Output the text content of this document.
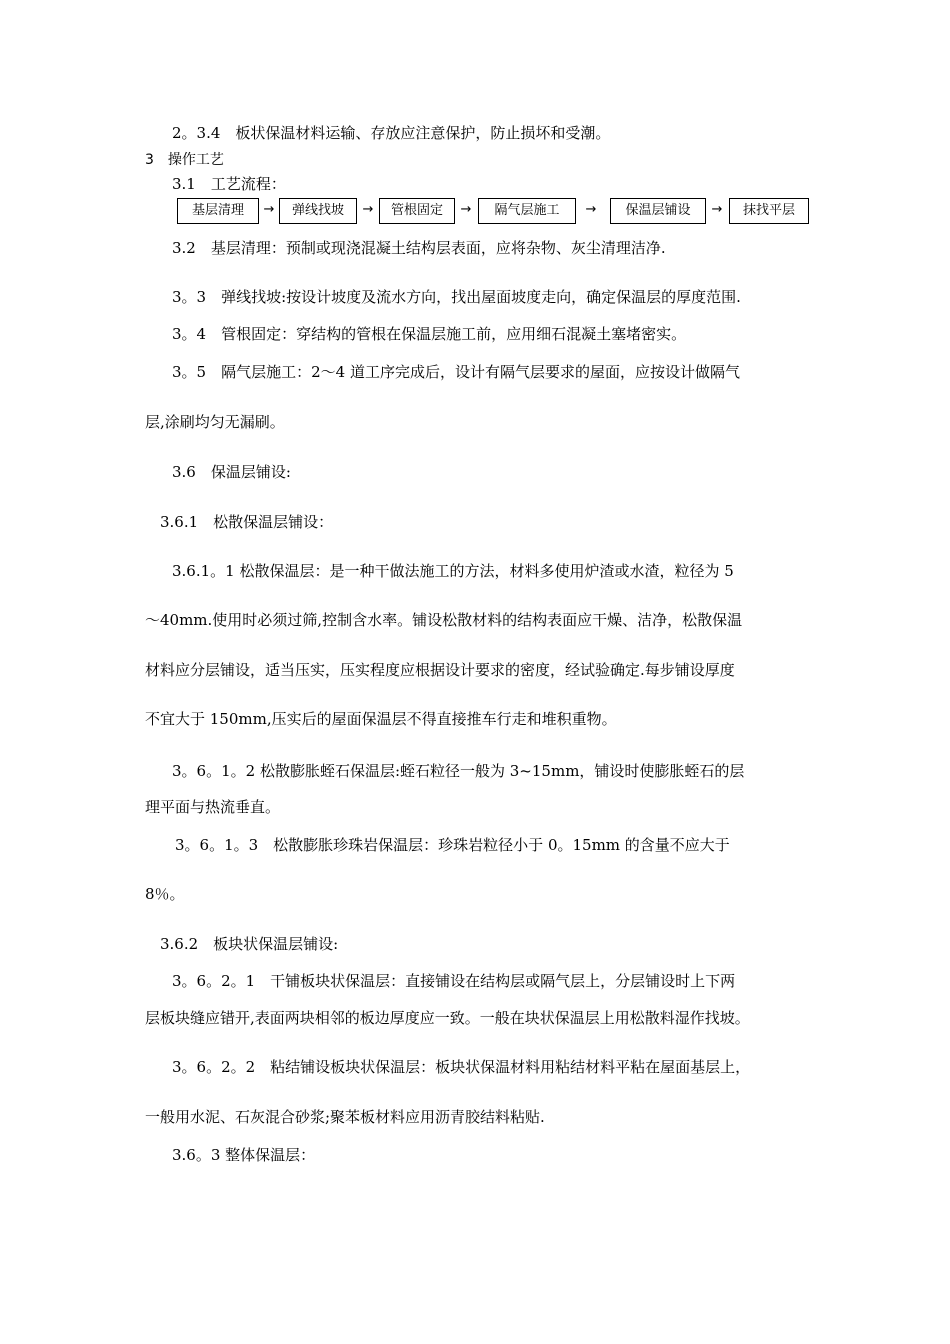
2。3.4　板状保温材料运输、存放应注意保护，防止损坏和受潮。
3　操作工艺
3.1　工艺流程：
基层清理	→	弹线找坡	→	管根固定	→	隔气层施工	→	保温层铺设	→	抹找平层
3.2　基层清理：预制或现浇混凝土结构层表面，应将杂物、灰尘清理洁净.
3。3　弹线找坡:按设计坡度及流水方向，找出屋面坡度走向，确定保温层的厚度范围.
3。4　管根固定：穿结构的管根在保温层施工前，应用细石混凝土塞堵密实。
3。5　隔气层施工：2～4 道工序完成后，设计有隔气层要求的屋面，应按设计做隔气
层,涂刷均匀无漏刷。
3.6　保温层铺设:
3.6.1　松散保温层铺设：
3.6.1。1 松散保温层：是一种干做法施工的方法，材料多使用炉渣或水渣，粒径为 5
～40mm.使用时必须过筛,控制含水率。铺设松散材料的结构表面应干燥、洁净，松散保温
材料应分层铺设，适当压实，压实程度应根据设计要求的密度，经试验确定.每步铺设厚度
不宜大于 150mm,压实后的屋面保温层不得直接推车行走和堆积重物。
3。6。1。2 松散膨胀蛭石保温层:蛭石粒径一般为 3~15mm，铺设时使膨胀蛭石的层
理平面与热流垂直。
3。6。1。3　松散膨胀珍珠岩保温层：珍珠岩粒径小于 0。15mm 的含量不应大于
8％。
3.6.2　板块状保温层铺设:
3。6。2。1　干铺板块状保温层：直接铺设在结构层或隔气层上，分层铺设时上下两
层板块缝应错开,表面两块相邻的板边厚度应一致。一般在块状保温层上用松散料湿作找坡。
3。6。2。2　粘结铺设板块状保温层：板块状保温材料用粘结材料平粘在屋面基层上，
一般用水泥、石灰混合砂浆;聚苯板材料应用沥青胶结料粘贴.
3.6。3 整体保温层：
